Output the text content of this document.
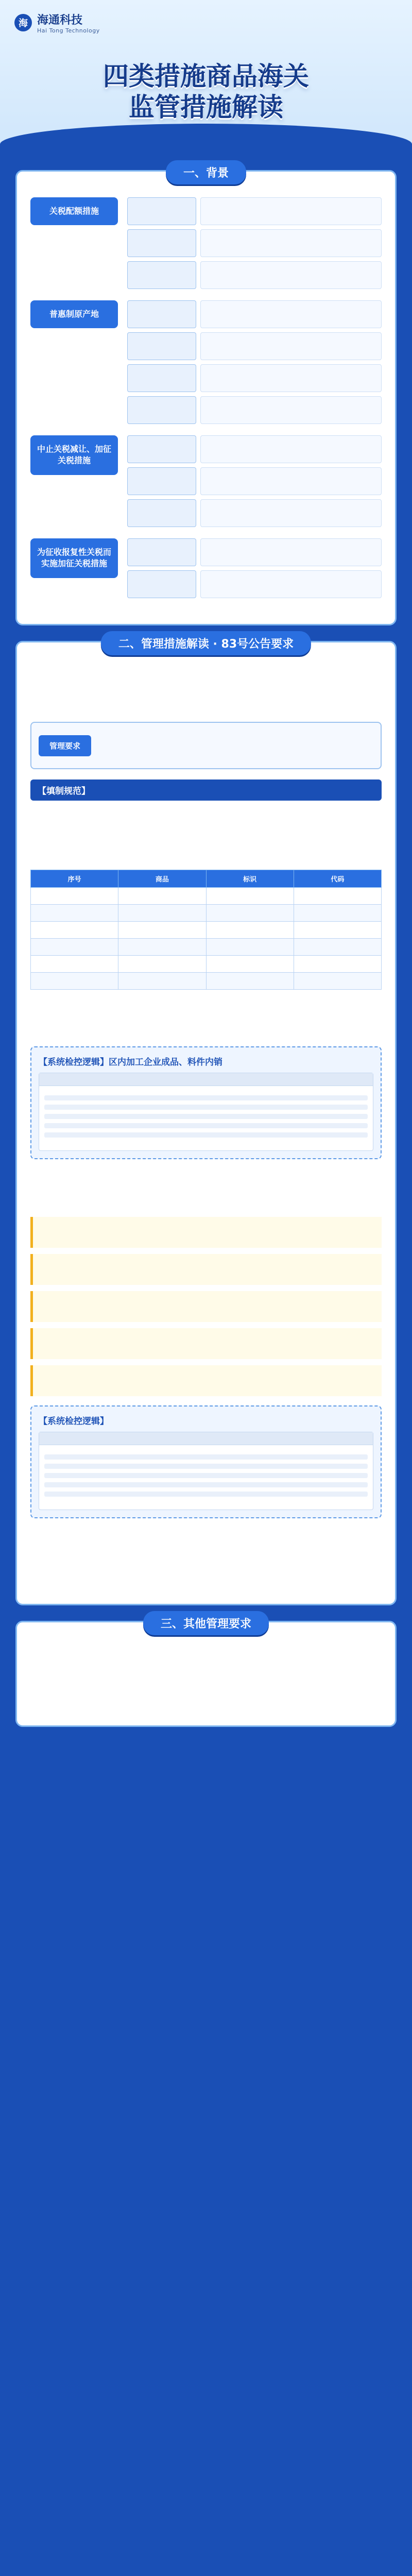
海 海通科技
Hai Tong Technology
四类措施商品海关
监管措施解读
一、背景
关税配额措施
普惠制原产地
中止关税减让、加征关税措施
为征收报复性关税而实施加征关税措施
二、管理措施解读 · 83号公告要求

管理要求
【填制规范】

序号	商品	标识	代码

【系统检控逻辑】区内加工企业成品、料件内销

【系统检控逻辑】

三、其他管理要求
